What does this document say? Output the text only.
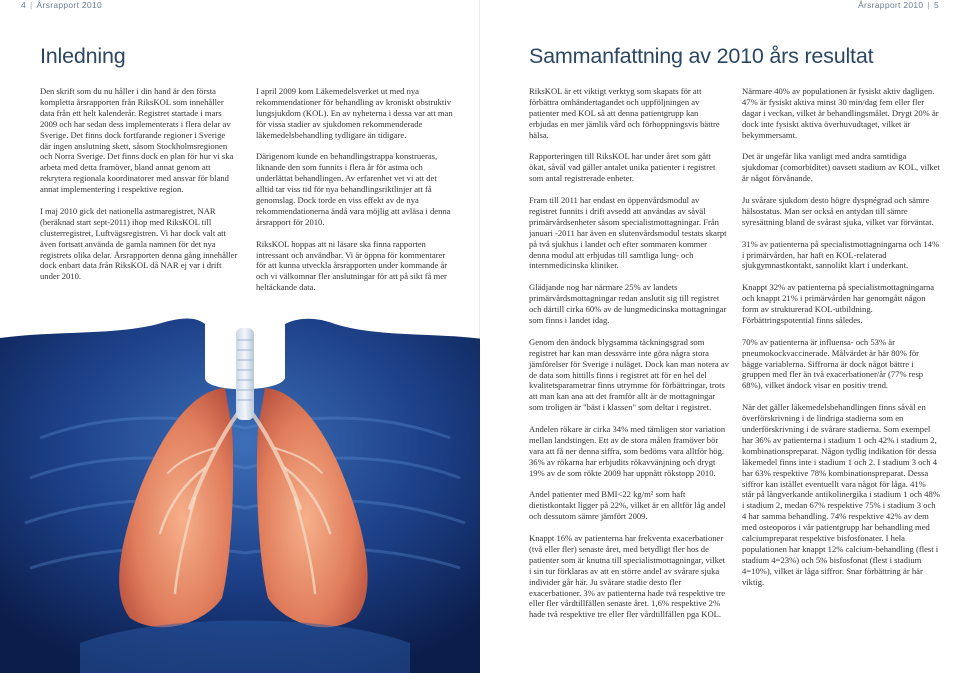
4 | Årsrapport 2010
Inledning

Den skrift som du nu håller i din hand är den första kompletta årsrapporten från RiksKOL som innehåller data från ett helt kalenderår. Registret startade i mars 2009 och har sedan dess implementerats i flera delar av Sverige. Det finns dock fortfarande regioner i Sverige där ingen anslutning skett, såsom Stockholmsregionen och Norra Sverige. Det finns dock en plan för hur vi ska arbeta med detta framöver, bland annat genom att rekrytera regionala koordinatorer med ansvar för bland annat implementering i respektive region.

I maj 2010 gick det nationella astmaregistret, NAR (beräknad start sept-2011) ihop med RiksKOL till clusterregistret, Luftvägsregistren. Vi har dock valt att även fortsatt använda de gamla namnen för det nya registrets olika delar. Årsrapporten denna gång innehåller dock enbart data från RiksKOL då NAR ej var i drift under 2010.

I april 2009 kom Läkemedelsverket ut med nya rekommendationer för behandling av kroniskt obstruktiv lungsjukdom (KOL). En av nyheterna i dessa var att man för vissa stadier av sjukdomen rekommenderade läkemedelsbehandling tydligare än tidigare.

Därigenom kunde en behandlingstrappa konstrueras, liknande den som funnits i flera år för astma och underlättat behandlingen. Av erfarenhet vet vi att det alltid tar viss tid för nya behandlingsriktlinjer att få genomslag. Dock torde en viss effekt av de nya rekommendationerna ändå vara möjlig att avläsa i denna årsrapport för 2010.

RiksKOL hoppas att ni läsare ska finna rapporten intressant och användbar. Vi är öppna för kommentarer för att kunna utveckla årsrapporten under kommande år och vi välkomnar fler anslutningar för att på sikt få mer heltäckande data.

Årsrapport 2010 | 5
Sammanfattning av 2010 års resultat

RiksKOL är ett viktigt verktyg som skapats för att förbättra omhändertagandet och uppföljningen av patienter med KOL så att denna patientgrupp kan erbjudas en mer jämlik vård och förhoppningsvis bättre hälsa.

Rapporteringen till RiksKOL har under året som gått ökat, såväl vad gäller antalet unika patienter i registret som antal registrerade enheter.

Fram till 2011 har endast en öppenvårdsmodul av registret funnits i drift avsedd att användas av såväl primärvårdsenheter såsom specialistmottagningar. Från januari -2011 har även en slutenvårdsmodul testats skarpt på två sjukhus i landet och efter sommaren kommer denna modul att erbjudas till samtliga lung- och internmedicinska kliniker.

Glädjande nog har närmare 25% av landets primärvårdsmottagningar redan anslutit sig till registret och därtill cirka 60% av de lungmedicinska mottagningar som finns i landet idag.

Genom den ändock blygsamma täckningsgrad som registret har kan man dessvärre inte göra några stora jämförelser för Sverige i nuläget. Dock kan man notera av de data som hittills finns i registret att för en hel del kvalitetsparametrar finns utrymme för förbättringar, trots att man kan ana att det framför allt är de mottagningar som troligen är "bäst i klassen" som deltar i registret.

Andelen rökare är cirka 34% med tämligen stor variation mellan landstingen. Ett av de stora målen framöver bör vara att få ner denna siffra, som bedöms vara alltför hög. 36% av rökarna har erbjudits rökavvänjning och drygt 19% av de som rökte 2009 har uppnått rökstopp 2010.

Andel patienter med BMI<22 kg/m² som haft dietistkontakt ligger på 22%, vilket är en alltför låg andel och dessutom sämre jämfört 2009.

Knappt 16% av patienterna har frekventa exacerbationer (två eller fler) senaste året, med betydligt fler hos de patienter som är knutna till specialistmottagningar, vilket i sin tur förklaras av att en större andel av svårare sjuka individer går här. Ju svårare stadie desto fler exacerbationer. 3% av patienterna hade två respektive tre eller fler vårdtillfällen senaste året. 1,6% respektive 2% hade två respektive tre eller fler vårdtillfällen pga KOL.

Närmare 40% av populationen är fysiskt aktiv dagligen. 47% är fysiskt aktiva minst 30 min/dag fem eller fler dagar i veckan, vilket är behandlingsmålet. Drygt 20% är dock inte fysiskt aktiva överhuvudtaget, vilket är bekymmersamt.

Det är ungefär lika vanligt med andra samtidiga sjukdomar (comorbiditet) oavsett stadium av KOL, vilket är något förvånande.

Ju svårare sjukdom desto högre dyspnégrad och sämre hälsostatus. Man ser också en antydan till sämre syresättning bland de svårast sjuka, vilket var förväntat.

31% av patienterna på specialistmottagningarna och 14% i primärvården, har haft en KOL-relaterad sjukgymnastkontakt, sannolikt klart i underkant.

Knappt 32% av patienterna på specialistmottagningarna och knappt 21% i primärvården har genomgått någon form av strukturerad KOL-utbildning. Förbättringspotential finns således.

70% av patienterna är influensa- och 53% är pneumokockvaccinerade. Målvärdet är här 80% för bägge variablerna. Siffrorna är dock något bättre i gruppen med fler än två exacerbationer/år (77% resp 68%), vilket ändock visar en positiv trend.

När det gäller läkemedelsbehandlingen finns såväl en överförskrivning i de lindriga stadierna som en underförskrivning i de svårare stadierna. Som exempel har 36% av patienterna i stadium 1 och 42% i stadium 2, kombinationspreparat. Någon tydlig indikation för dessa läkemedel finns inte i stadium 1 och 2. I stadium 3 och 4 har 63% respektive 78% kombinationspreparat. Dessa siffror kan istället eventuellt vara något för låga. 41% står på långverkande antikolinergika i stadium 1 och 48% i stadium 2, medan 67% respektive 75% i stadium 3 och 4 har samma behandling. 74% respektive 42% av dem med osteoporos i vår patientgrupp har behandling med calciumpreparat respektive bisfosfonater. I hela populationen har knappt 12% calcium-behandling (flest i stadium 4=23%) och 5% bisfosfonat (flest i stadium 4=10%), vilket är låga siffror. Snar förbättring är här viktig.
